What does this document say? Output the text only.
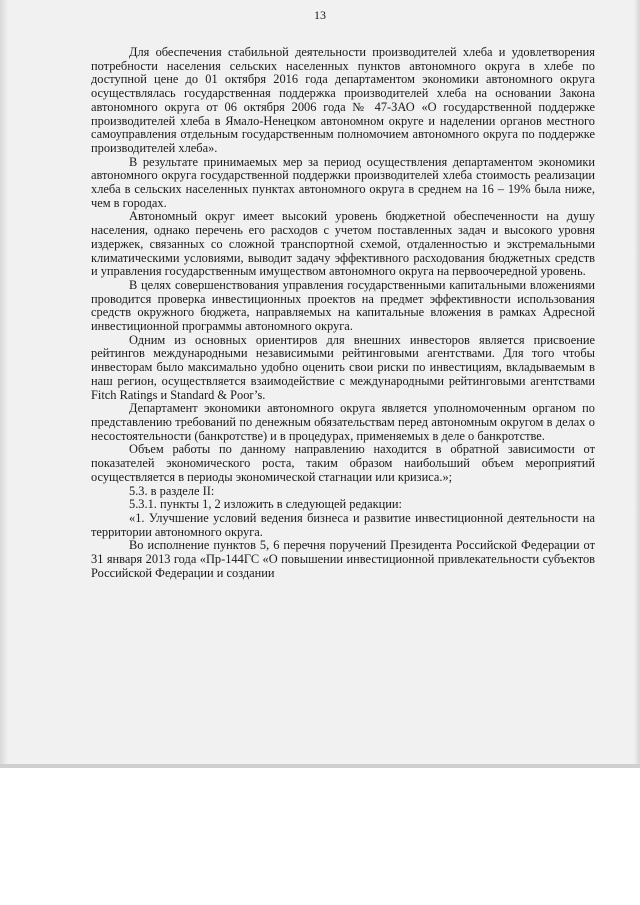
13

Для обеспечения стабильной деятельности производителей хлеба и удовлетворения потребности населения сельских населенных пунктов автономного округа в хлебе по доступной цене до 01 октября 2016 года департаментом экономики автономного округа осуществлялась государственная поддержка производителей хлеба на основании Закона автономного округа от 06 октября 2006 года № 47-ЗАО «О государственной поддержке производителей хлеба в Ямало-Ненецком автономном округе и наделении органов местного самоуправления отдельным государственным полномочием автономного округа по поддержке производителей хлеба».

В результате принимаемых мер за период осуществления департаментом экономики автономного округа государственной поддержки производителей хлеба стоимость реализации хлеба в сельских населенных пунктах автономного округа в среднем на 16 – 19% была ниже, чем в городах.

Автономный округ имеет высокий уровень бюджетной обеспеченности на душу населения, однако перечень его расходов с учетом поставленных задач и высокого уровня издержек, связанных со сложной транспортной схемой, отдаленностью и экстремальными климатическими условиями, выводит задачу эффективного расходования бюджетных средств и управления государственным имуществом автономного округа на первоочередной уровень.

В целях совершенствования управления государственными капитальными вложениями проводится проверка инвестиционных проектов на предмет эффективности использования средств окружного бюджета, направляемых на капитальные вложения в рамках Адресной инвестиционной программы автономного округа.

Одним из основных ориентиров для внешних инвесторов является присвоение рейтингов международными независимыми рейтинговыми агентствами. Для того чтобы инвесторам было максимально удобно оценить свои риски по инвестициям, вкладываемым в наш регион, осуществляется взаимодействие с международными рейтинговыми агентствами Fitch Ratings и Standard & Poor’s.

Департамент экономики автономного округа является уполномоченным органом по представлению требований по денежным обязательствам перед автономным округом в делах о несостоятельности (банкротстве) и в процедурах, применяемых в деле о банкротстве.

Объем работы по данному направлению находится в обратной зависимости от показателей экономического роста, таким образом наибольший объем мероприятий осуществляется в периоды экономической стагнации или кризиса.»;

5.3. в разделе II:

5.3.1. пункты 1, 2 изложить в следующей редакции:

«1. Улучшение условий ведения бизнеса и развитие инвестиционной деятельности на территории автономного округа.

Во исполнение пунктов 5, 6 перечня поручений Президента Российской Федерации от 31 января 2013 года «Пр-144ГС «О повышении инвестиционной привлекательности субъектов Российской Федерации и создании
